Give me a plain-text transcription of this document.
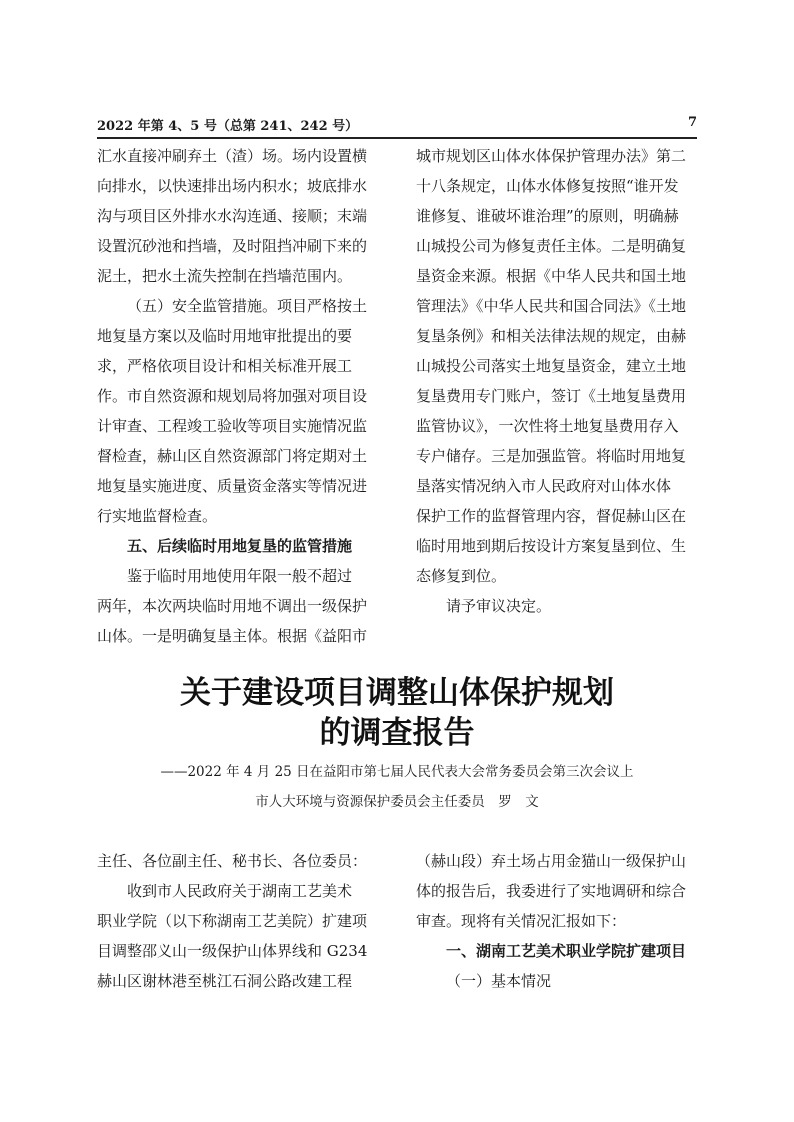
2022 年第 4、5 号（总第 241、242 号）	7

汇水直接冲刷弃土（渣）场。场内设置横

向排水，以快速排出场内积水；坡底排水

沟与项目区外排水水沟连通、接顺；末端

设置沉砂池和挡墙，及时阻挡冲刷下来的

泥土，把水土流失控制在挡墙范围内。

（五）安全监管措施。项目严格按土

地复垦方案以及临时用地审批提出的要

求，严格依项目设计和相关标准开展工

作。市自然资源和规划局将加强对项目设

计审查、工程竣工验收等项目实施情况监

督检查，赫山区自然资源部门将定期对土

地复垦实施进度、质量资金落实等情况进

行实地监督检查。

五、后续临时用地复垦的监管措施

鉴于临时用地使用年限一般不超过

两年，本次两块临时用地不调出一级保护

山体。一是明确复垦主体。根据《益阳市

城市规划区山体水体保护管理办法》第二

十八条规定，山体水体修复按照“谁开发

谁修复、谁破坏谁治理”的原则，明确赫

山城投公司为修复责任主体。二是明确复

垦资金来源。根据《中华人民共和国土地

管理法》《中华人民共和国合同法》《土地

复垦条例》和相关法律法规的规定，由赫

山城投公司落实土地复垦资金，建立土地

复垦费用专门账户，签订《土地复垦费用

监管协议》，一次性将土地复垦费用存入

专户储存。三是加强监管。将临时用地复

垦落实情况纳入市人民政府对山体水体

保护工作的监督管理内容，督促赫山区在

临时用地到期后按设计方案复垦到位、生

态修复到位。

请予审议决定。

关于建设项目调整山体保护规划
的调查报告
——2022 年 4 月 25 日在益阳市第七届人民代表大会常务委员会第三次会议上
市人大环境与资源保护委员会主任委员　罗　文

主任、各位副主任、秘书长、各位委员：

收到市人民政府关于湖南工艺美术

职业学院（以下称湖南工艺美院）扩建项

目调整邵义山一级保护山体界线和 G234

赫山区谢林港至桃江石洞公路改建工程

（赫山段）弃土场占用金猫山一级保护山

体的报告后，我委进行了实地调研和综合

审查。现将有关情况汇报如下：

一、湖南工艺美术职业学院扩建项目

（一）基本情况
